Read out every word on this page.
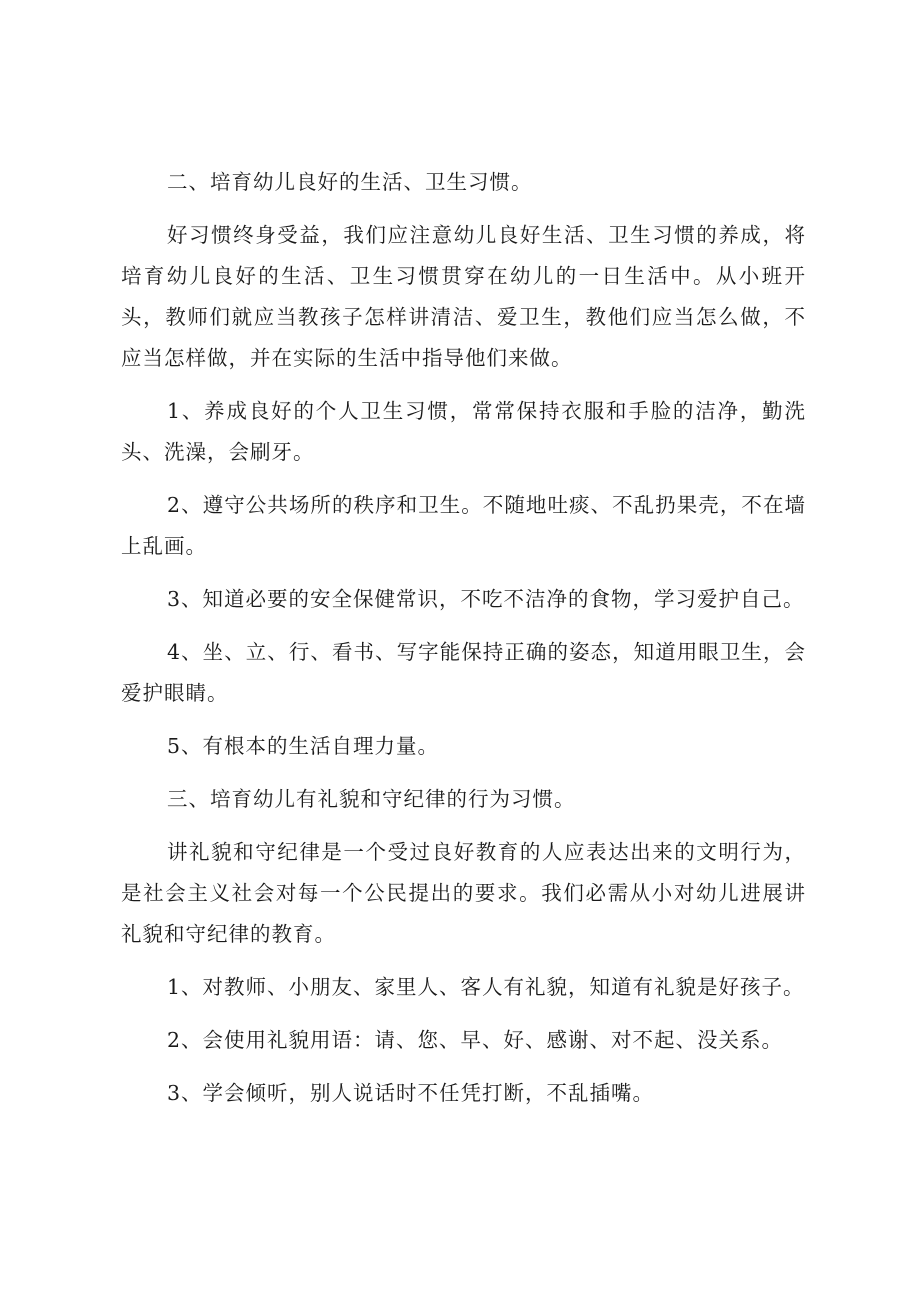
二、培育幼儿良好的生活、卫生习惯。

好习惯终身受益，我们应注意幼儿良好生活、卫生习惯的养成，将培育幼儿良好的生活、卫生习惯贯穿在幼儿的一日生活中。从小班开头，教师们就应当教孩子怎样讲清洁、爱卫生，教他们应当怎么做，不应当怎样做，并在实际的生活中指导他们来做。

1、养成良好的个人卫生习惯，常常保持衣服和手脸的洁净，勤洗头、洗澡，会刷牙。

2、遵守公共场所的秩序和卫生。不随地吐痰、不乱扔果壳，不在墙上乱画。

3、知道必要的安全保健常识，不吃不洁净的食物，学习爱护自己。

4、坐、立、行、看书、写字能保持正确的姿态，知道用眼卫生，会爱护眼睛。

5、有根本的生活自理力量。

三、培育幼儿有礼貌和守纪律的行为习惯。

讲礼貌和守纪律是一个受过良好教育的人应表达出来的文明行为，是社会主义社会对每一个公民提出的要求。我们必需从小对幼儿进展讲礼貌和守纪律的教育。

1、对教师、小朋友、家里人、客人有礼貌，知道有礼貌是好孩子。

2、会使用礼貌用语：请、您、早、好、感谢、对不起、没关系。

3、学会倾听，别人说话时不任凭打断，不乱插嘴。
